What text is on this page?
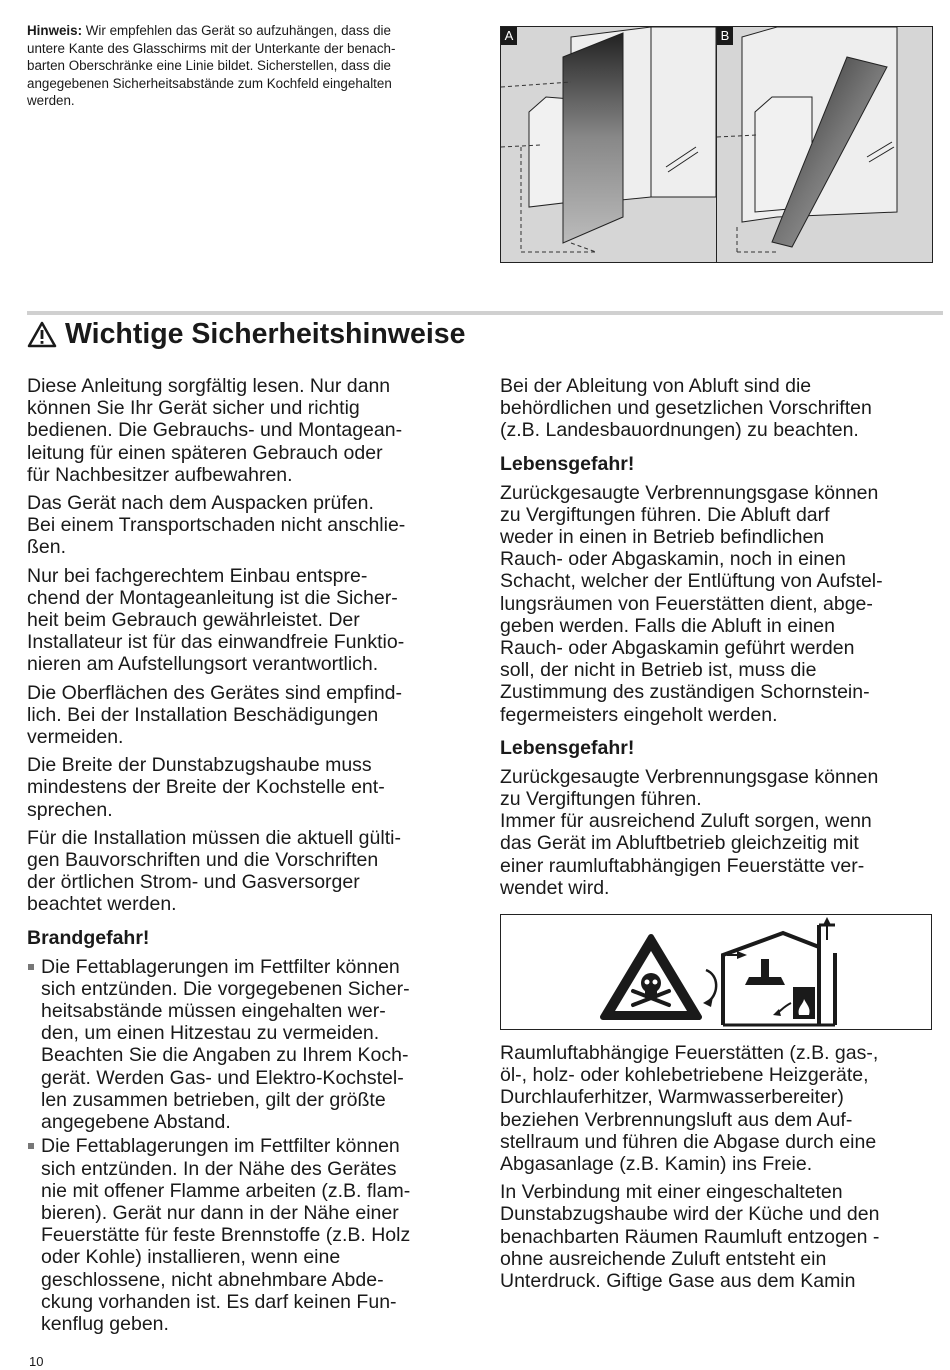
Hinweis: Wir empfehlen das Gerät so aufzuhängen, dass die
untere Kante des Glasschirms mit der Unterkante der benach-
barten Oberschränke eine Linie bildet. Sicherstellen, dass die
angegebenen Sicherheitsabstände zum Kochfeld eingehalten
werden.
A	B
Wichtige Sicherheitshinweise

Diese Anleitung sorgfältig lesen. Nur dann
können Sie Ihr Gerät sicher und richtig
bedienen. Die Gebrauchs- und Montagean-
leitung für einen späteren Gebrauch oder
für Nachbesitzer aufbewahren.

Das Gerät nach dem Auspacken prüfen.
Bei einem Transportschaden nicht anschlie-
ßen.

Nur bei fachgerechtem Einbau entspre-
chend der Montageanleitung ist die Sicher-
heit beim Gebrauch gewährleistet. Der
Installateur ist für das einwandfreie Funktio-
nieren am Aufstellungsort verantwortlich.

Die Oberflächen des Gerätes sind empfind-
lich. Bei der Installation Beschädigungen
vermeiden.

Die Breite der Dunstabzugshaube muss
mindestens der Breite der Kochstelle ent-
sprechen.

Für die Installation müssen die aktuell gülti-
gen Bauvorschriften und die Vorschriften
der örtlichen Strom- und Gasversorger
beachtet werden.

Brandgefahr!
Die Fettablagerungen im Fettfilter können
sich entzünden. Die vorgegebenen Sicher-
heitsabstände müssen eingehalten wer-
den, um einen Hitzestau zu vermeiden.
Beachten Sie die Angaben zu Ihrem Koch-
gerät. Werden Gas- und Elektro-Kochstel-
len zusammen betrieben, gilt der größte
angegebene Abstand.
Die Fettablagerungen im Fettfilter können
sich entzünden. In der Nähe des Gerätes
nie mit offener Flamme arbeiten (z.B. flam-
bieren). Gerät nur dann in der Nähe einer
Feuerstätte für feste Brennstoffe (z.B. Holz
oder Kohle) installieren, wenn eine
geschlossene, nicht abnehmbare Abde-
ckung vorhanden ist. Es darf keinen Fun-
kenflug geben.

Bei der Ableitung von Abluft sind die
behördlichen und gesetzlichen Vorschriften
(z.B. Landesbauordnungen) zu beachten.

Lebensgefahr!

Zurückgesaugte Verbrennungsgase können
zu Vergiftungen führen. Die Abluft darf
weder in einen in Betrieb befindlichen
Rauch- oder Abgaskamin, noch in einen
Schacht, welcher der Entlüftung von Aufstel-
lungsräumen von Feuerstätten dient, abge-
geben werden. Falls die Abluft in einen
Rauch- oder Abgaskamin geführt werden
soll, der nicht in Betrieb ist, muss die
Zustimmung des zuständigen Schornstein-
fegermeisters eingeholt werden.

Lebensgefahr!

Zurückgesaugte Verbrennungsgase können
zu Vergiftungen führen.
Immer für ausreichend Zuluft sorgen, wenn
das Gerät im Abluftbetrieb gleichzeitig mit
einer raumluftabhängigen Feuerstätte ver-
wendet wird.

Raumluftabhängige Feuerstätten (z.B. gas-,
öl-, holz- oder kohlebetriebene Heizgeräte,
Durchlauferhitzer, Warmwasserbereiter)
beziehen Verbrennungsluft aus dem Auf-
stellraum und führen die Abgase durch eine
Abgasanlage (z.B. Kamin) ins Freie.

In Verbindung mit einer eingeschalteten
Dunstabzugshaube wird der Küche und den
benachbarten Räumen Raumluft entzogen -
ohne ausreichende Zuluft entsteht ein
Unterdruck. Giftige Gase aus dem Kamin

10
